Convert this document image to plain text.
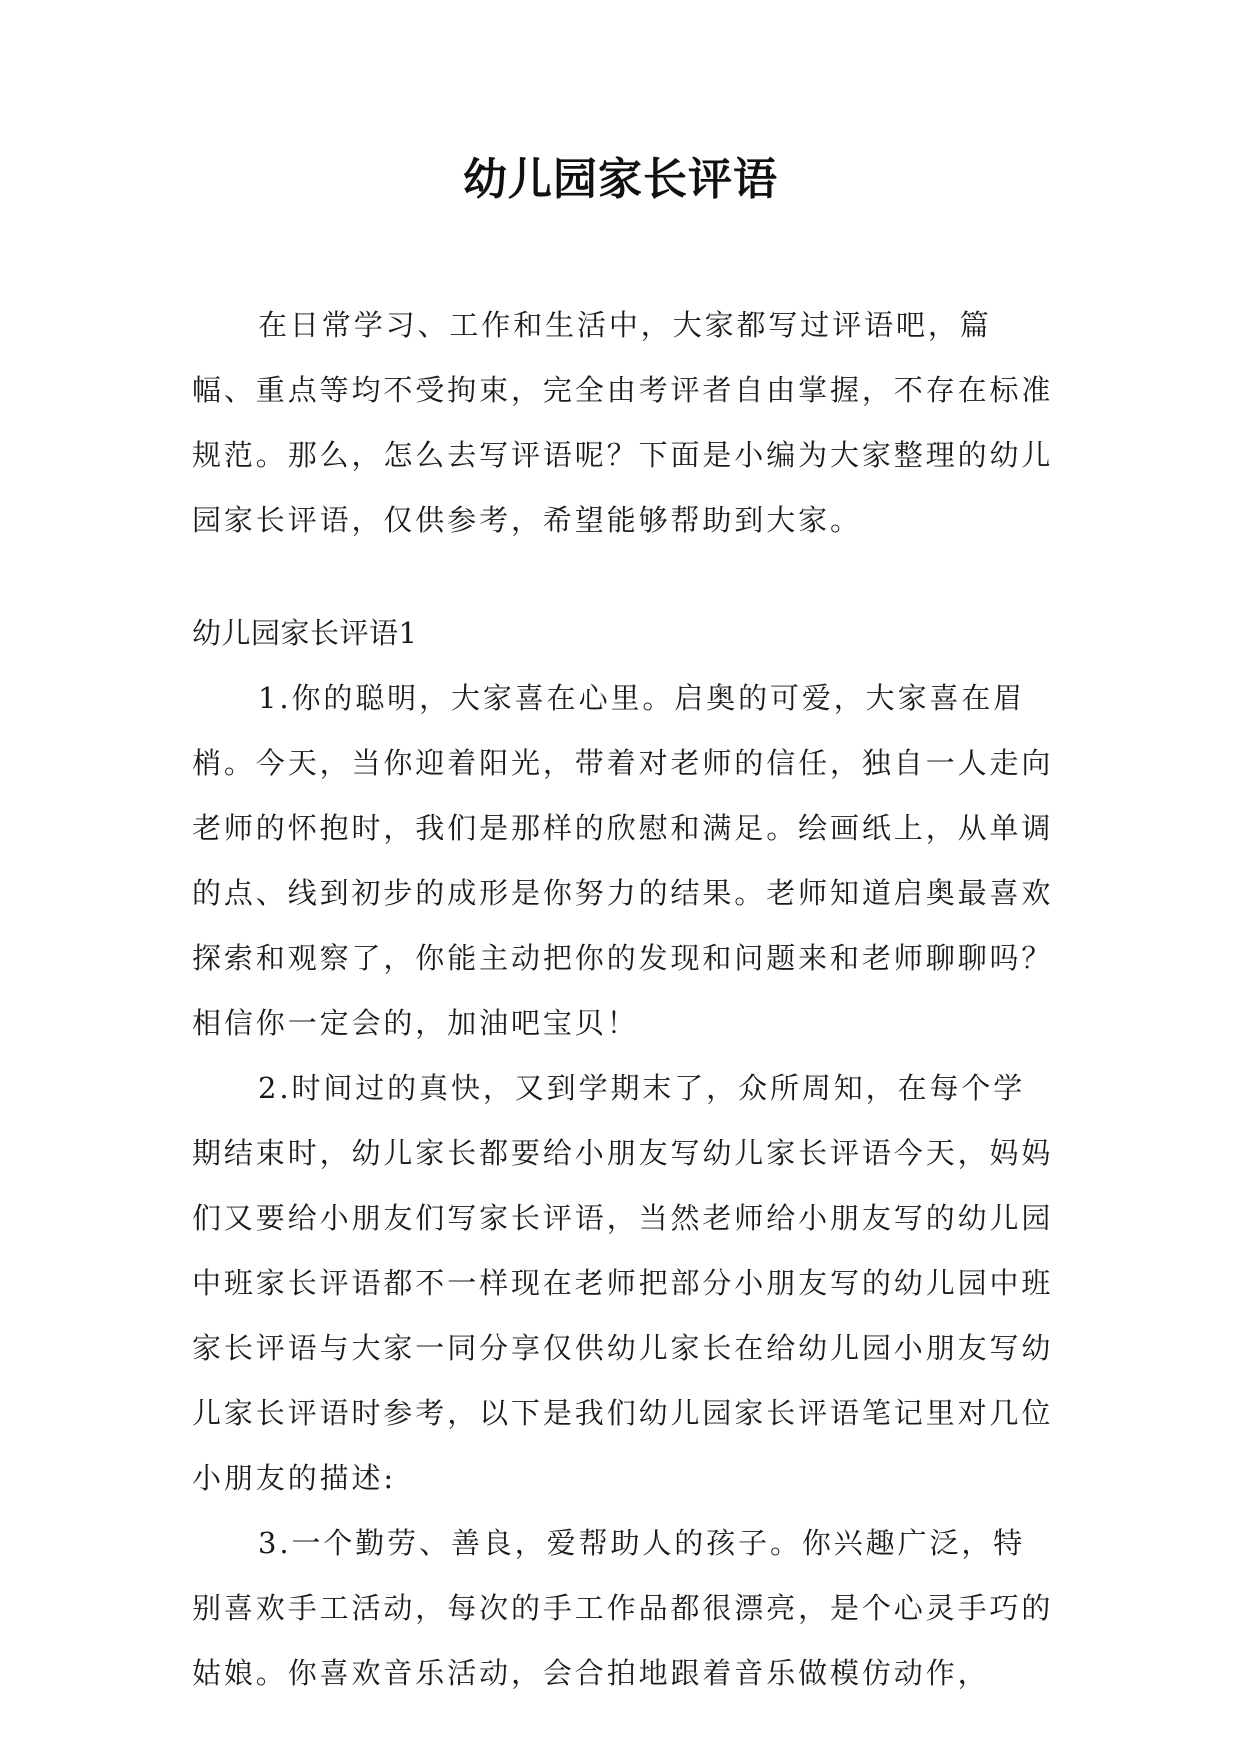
幼儿园家长评语

在日常学习、工作和生活中，大家都写过评语吧，篇幅、重点等均不受拘束，完全由考评者自由掌握，不存在标准规范。那么，怎么去写评语呢？下面是小编为大家整理的幼儿园家长评语，仅供参考，希望能够帮助到大家。

幼儿园家长评语1

1.你的聪明，大家喜在心里。启奥的可爱，大家喜在眉梢。今天，当你迎着阳光，带着对老师的信任，独自一人走向老师的怀抱时，我们是那样的欣慰和满足。绘画纸上，从单调的点、线到初步的成形是你努力的结果。老师知道启奥最喜欢探索和观察了，你能主动把你的发现和问题来和老师聊聊吗？相信你一定会的，加油吧宝贝！

2.时间过的真快，又到学期末了，众所周知，在每个学期结束时，幼儿家长都要给小朋友写幼儿家长评语今天，妈妈们又要给小朋友们写家长评语，当然老师给小朋友写的幼儿园中班家长评语都不一样现在老师把部分小朋友写的幼儿园中班家长评语与大家一同分享仅供幼儿家长在给幼儿园小朋友写幼儿家长评语时参考，以下是我们幼儿园家长评语笔记里对几位小朋友的描述:

3.一个勤劳、善良，爱帮助人的孩子。你兴趣广泛，特别喜欢手工活动，每次的手工作品都很漂亮，是个心灵手巧的姑娘。你喜欢音乐活动，会合拍地跟着音乐做模仿动作，
